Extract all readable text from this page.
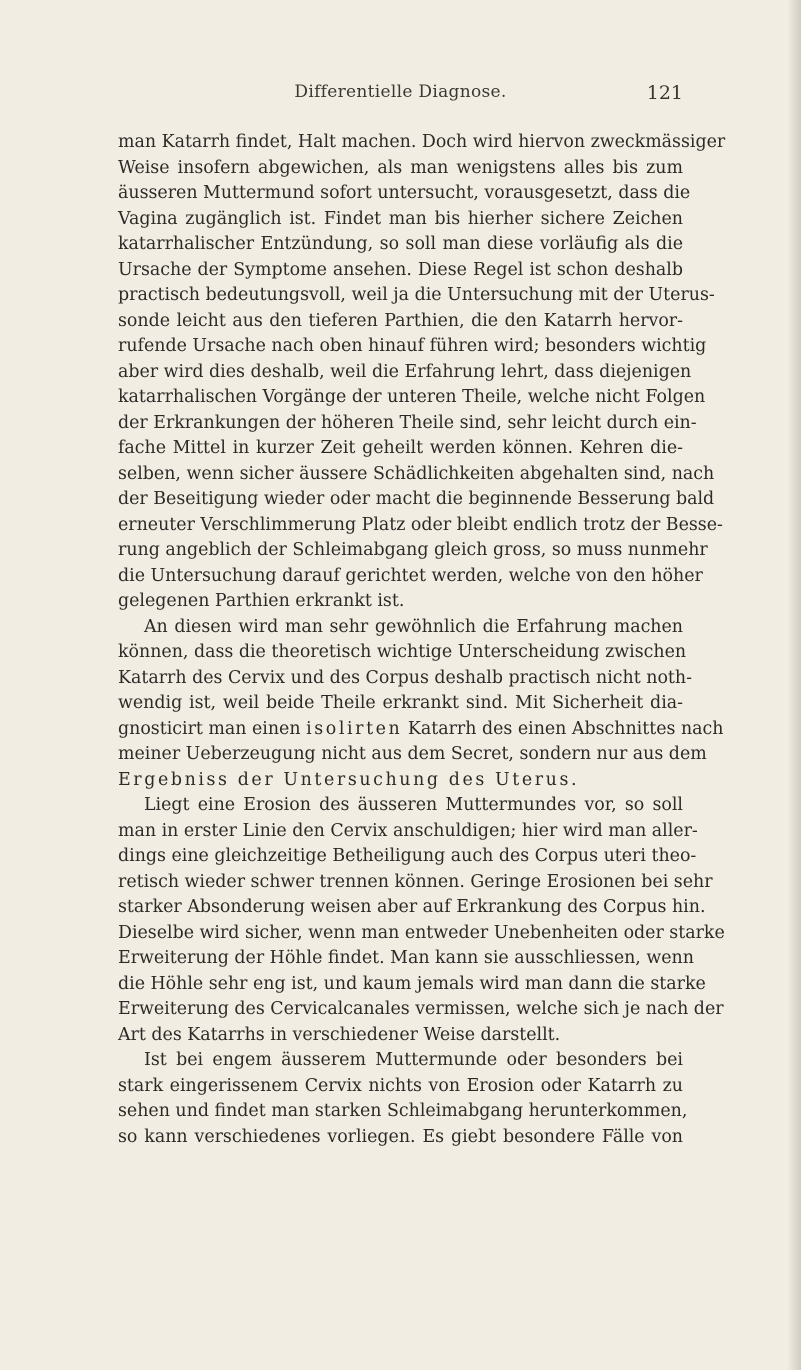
Differentielle Diagnose.	121
man Katarrh findet, Halt machen. Doch wird hiervon zweckmässiger
Weise insofern abgewichen, als man wenigstens alles bis zum
äusseren Muttermund sofort untersucht, vorausgesetzt, dass die
Vagina zugänglich ist. Findet man bis hierher sichere Zeichen
katarrhalischer Entzündung, so soll man diese vorläufig als die
Ursache der Symptome ansehen. Diese Regel ist schon deshalb
practisch bedeutungsvoll, weil ja die Untersuchung mit der Uterus-
sonde leicht aus den tieferen Parthien, die den Katarrh hervor-
rufende Ursache nach oben hinauf führen wird; besonders wichtig
aber wird dies deshalb, weil die Erfahrung lehrt, dass diejenigen
katarrhalischen Vorgänge der unteren Theile, welche nicht Folgen
der Erkrankungen der höheren Theile sind, sehr leicht durch ein-
fache Mittel in kurzer Zeit geheilt werden können. Kehren die-
selben, wenn sicher äussere Schädlichkeiten abgehalten sind, nach
der Beseitigung wieder oder macht die beginnende Besserung bald
erneuter Verschlimmerung Platz oder bleibt endlich trotz der Besse-
rung angeblich der Schleimabgang gleich gross, so muss nunmehr
die Untersuchung darauf gerichtet werden, welche von den höher
gelegenen Parthien erkrankt ist.
An diesen wird man sehr gewöhnlich die Erfahrung machen
können, dass die theoretisch wichtige Unterscheidung zwischen
Katarrh des Cervix und des Corpus deshalb practisch nicht noth-
wendig ist, weil beide Theile erkrankt sind. Mit Sicherheit dia-
gnosticirt man einen isolirten Katarrh des einen Abschnittes nach
meiner Ueberzeugung nicht aus dem Secret, sondern nur aus dem
Ergebniss der Untersuchung des Uterus.
Liegt eine Erosion des äusseren Muttermundes vor, so soll
man in erster Linie den Cervix anschuldigen; hier wird man aller-
dings eine gleichzeitige Betheiligung auch des Corpus uteri theo-
retisch wieder schwer trennen können. Geringe Erosionen bei sehr
starker Absonderung weisen aber auf Erkrankung des Corpus hin.
Dieselbe wird sicher, wenn man entweder Unebenheiten oder starke
Erweiterung der Höhle findet. Man kann sie ausschliessen, wenn
die Höhle sehr eng ist, und kaum jemals wird man dann die starke
Erweiterung des Cervicalcanales vermissen, welche sich je nach der
Art des Katarrhs in verschiedener Weise darstellt.
Ist bei engem äusserem Muttermunde oder besonders bei
stark eingerissenem Cervix nichts von Erosion oder Katarrh zu
sehen und findet man starken Schleimabgang herunterkommen,
so kann verschiedenes vorliegen. Es giebt besondere Fälle von
